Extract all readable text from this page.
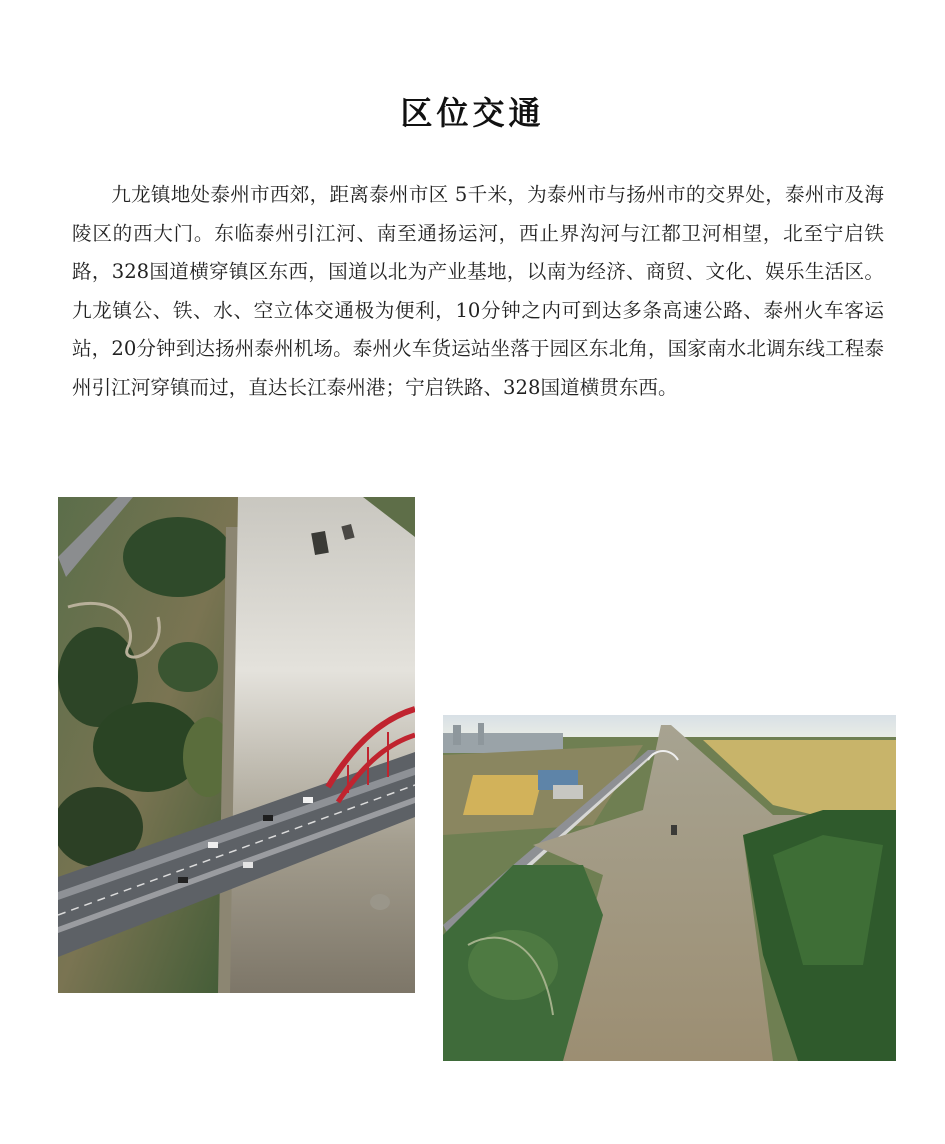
区位交通

九龙镇地处泰州市西郊，距离泰州市区 5千米，为泰州市与扬州市的交界处，泰州市及海陵区的西大门。东临泰州引江河、南至通扬运河，西止界沟河与江都卫河相望，北至宁启铁路，328国道横穿镇区东西，国道以北为产业基地，以南为经济、商贸、文化、娱乐生活区。九龙镇公、铁、水、空立体交通极为便利，10分钟之内可到达多条高速公路、泰州火车客运站，20分钟到达扬州泰州机场。泰州火车货运站坐落于园区东北角，国家南水北调东线工程泰州引江河穿镇而过，直达长江泰州港；宁启铁路、328国道横贯东西。
